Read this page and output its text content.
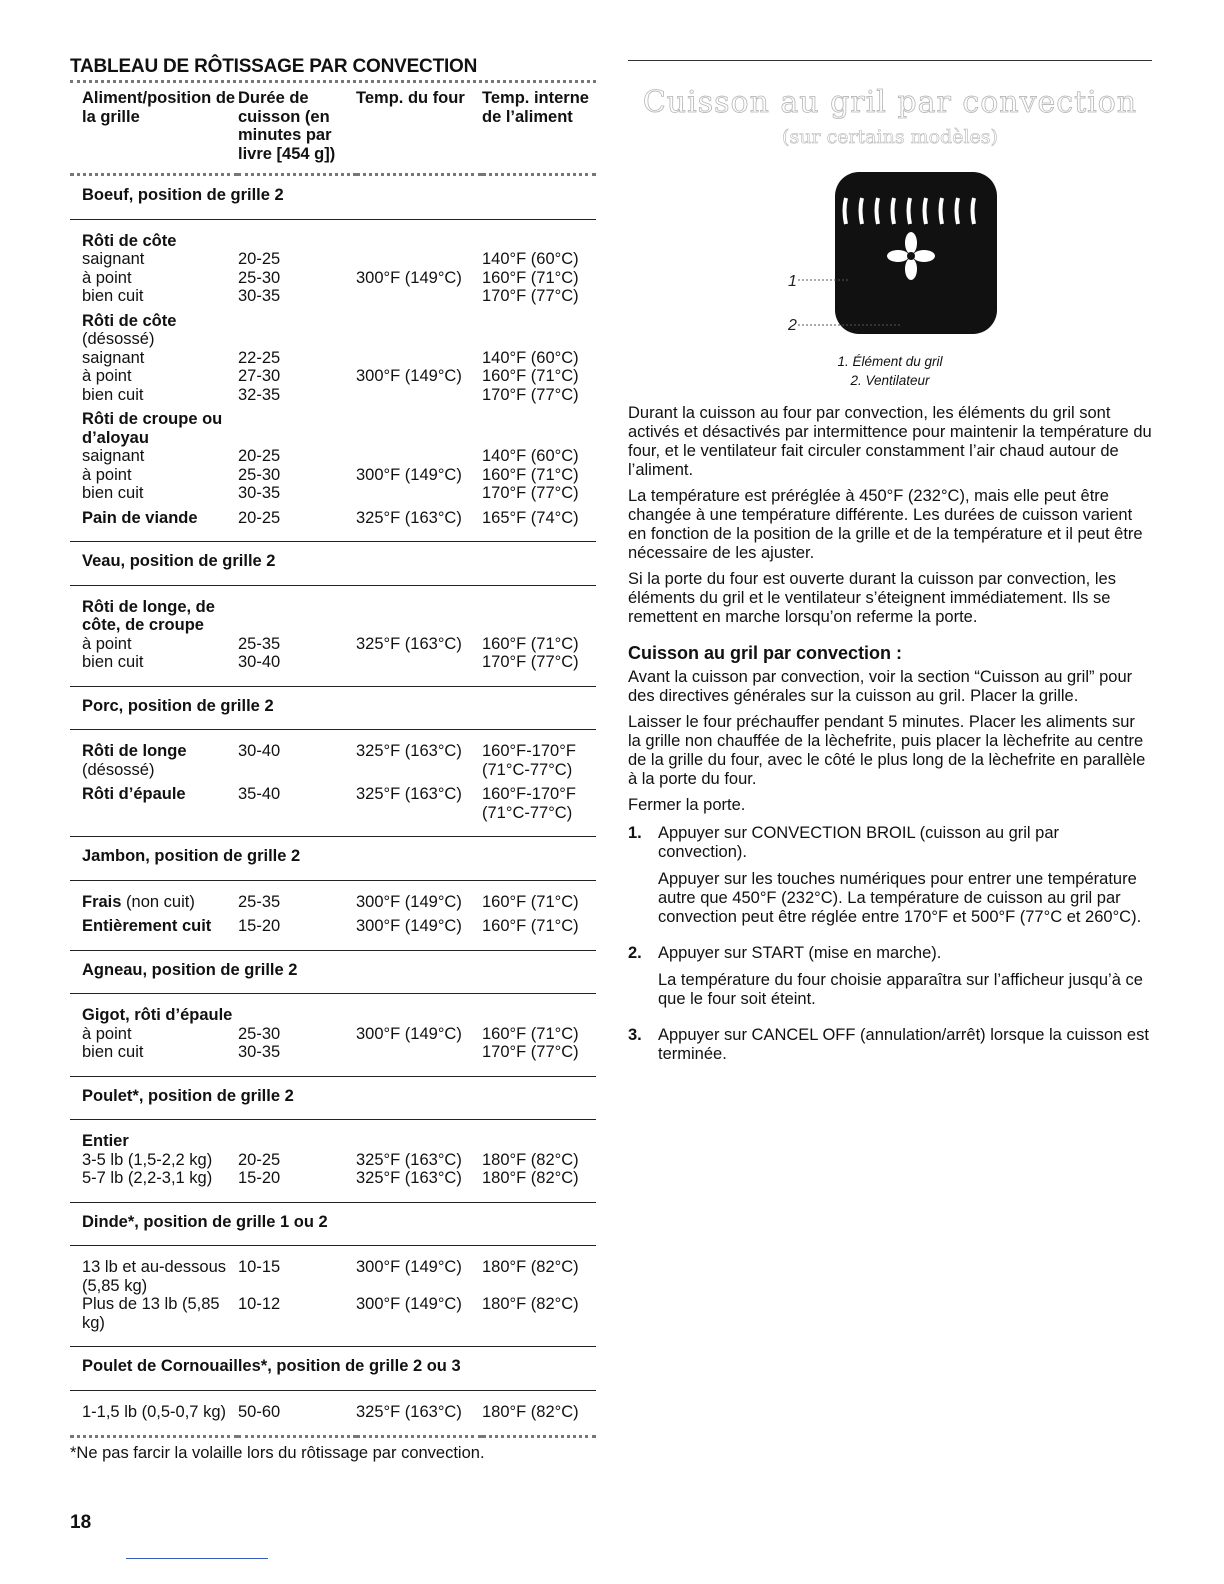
TABLEAU DE RÔTISSAGE PAR CONVECTION
Aliment/position de la grille	Durée de cuisson (en minutes par livre [454 g])	Temp. du four	Temp. interne de l’aliment
Boeuf, position de grille 2			
Rôti de côte			
saignant	20-25		140°F (60°C)
à point	25-30	300°F (149°C)	160°F (71°C)
bien cuit	30-35		170°F (77°C)
Rôti de côte			
(désossé)			
saignant	22-25		140°F (60°C)
à point	27-30	300°F (149°C)	160°F (71°C)
bien cuit	32-35		170°F (77°C)
Rôti de croupe ou d’aloyau			
saignant	20-25		140°F (60°C)
à point	25-30	300°F (149°C)	160°F (71°C)
bien cuit	30-35		170°F (77°C)
Pain de viande	20-25	325°F (163°C)	165°F (74°C)
Veau, position de grille 2			
Rôti de longe, de côte, de croupe			
à point	25-35	325°F (163°C)	160°F (71°C)
bien cuit	30-40		170°F (77°C)
Porc, position de grille 2			
Rôti de longe	30-40	325°F (163°C)	160°F-170°F
(désossé)			(71°C-77°C)
Rôti d’épaule	35-40	325°F (163°C)	160°F-170°F
			(71°C-77°C)
Jambon, position de grille 2			
Frais (non cuit)	25-35	300°F (149°C)	160°F (71°C)
Entièrement cuit	15-20	300°F (149°C)	160°F (71°C)
Agneau, position de grille 2			
Gigot, rôti d’épaule			
à point	25-30	300°F (149°C)	160°F (71°C)
bien cuit	30-35		170°F (77°C)
Poulet*, position de grille 2			
Entier			
3-5 lb (1,5-2,2 kg)	20-25	325°F (163°C)	180°F (82°C)
5-7 lb (2,2-3,1 kg)	15-20	325°F (163°C)	180°F (82°C)
Dinde*, position de grille 1 ou 2			
13 lb et au-dessous (5,85 kg)	10-15	300°F (149°C)	180°F (82°C)
Plus de 13 lb (5,85 kg)	10-12	300°F (149°C)	180°F (82°C)
Poulet de Cornouailles*, position de grille 2 ou 3			
1-1,5 lb (0,5-0,7 kg)	50-60	325°F (163°C)	180°F (82°C)
*Ne pas farcir la volaille lors du rôtissage par convection.
18
Cuisson au gril par convection
(sur certains modèles)
1
2
1. Élément du gril
2. Ventilateur

Durant la cuisson au four par convection, les éléments du gril sont activés et désactivés par intermittence pour maintenir la température du four, et le ventilateur fait circuler constamment l’air chaud autour de l’aliment.

La température est préréglée à 450°F (232°C), mais elle peut être changée à une température différente. Les durées de cuisson varient en fonction de la position de la grille et de la température et il peut être nécessaire de les ajuster.

Si la porte du four est ouverte durant la cuisson par convection, les éléments du gril et le ventilateur s’éteignent immédiatement. Ils se remettent en marche lorsqu’on referme la porte.

Cuisson au gril par convection :

Avant la cuisson par convection, voir la section “Cuisson au gril” pour des directives générales sur la cuisson au gril. Placer la grille.

Laisser le four préchauffer pendant 5 minutes. Placer les aliments sur la grille non chauffée de la lèchefrite, puis placer la lèchefrite au centre de la grille du four, avec le côté le plus long de la lèchefrite en parallèle à la porte du four.

Fermer la porte.

1. Appuyer sur CONVECTION BROIL (cuisson au gril par convection).

Appuyer sur les touches numériques pour entrer une température autre que 450°F (232°C). La température de cuisson au gril par convection peut être réglée entre 170°F et 500°F (77°C et 260°C).

2. Appuyer sur START (mise en marche).

La température du four choisie apparaîtra sur l’afficheur jusqu’à ce que le four soit éteint.

3. Appuyer sur CANCEL OFF (annulation/arrêt) lorsque la cuisson est terminée.
